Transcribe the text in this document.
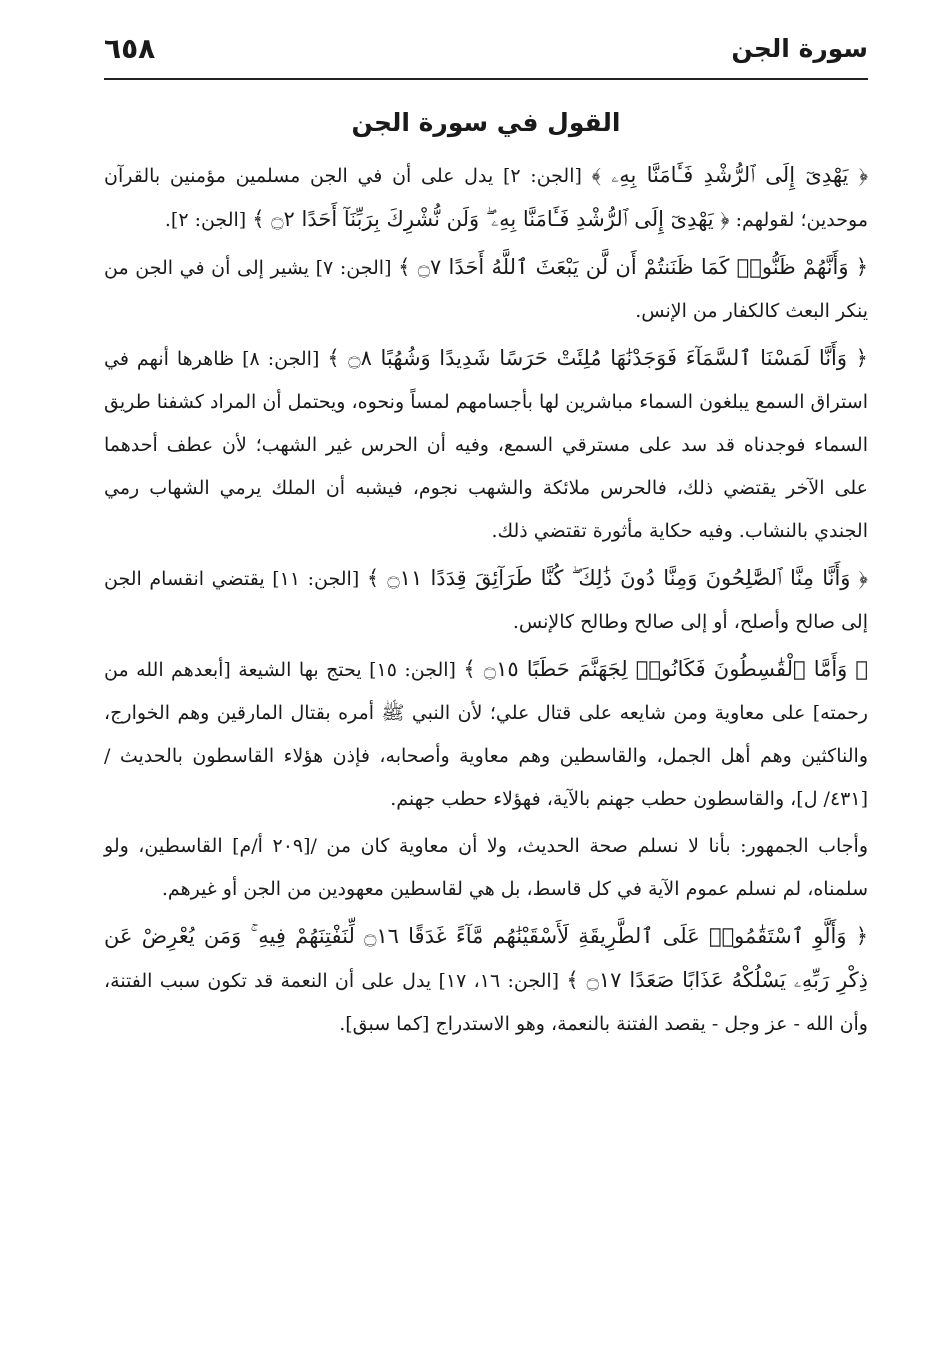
سورة الجن
٦٥٨
القول في سورة الجن

﴿ يَهْدِىٓ إِلَى ٱلرُّشْدِ فَـَٔامَنَّا بِهِۦ ﴾ [الجن: ٢] يدل على أن في الجن مسلمين مؤمنين بالقرآن موحدين؛ لقولهم: ﴿ يَهْدِىٓ إِلَى ٱلرُّشْدِ فَـَٔامَنَّا بِهِۦ ۖ وَلَن نُّشْرِكَ بِرَبِّنَآ أَحَدًا ۝٢ ﴾ [الجن: ٢].

﴿ وَأَنَّهُمْ ظَنُّوا۟ كَمَا ظَنَنتُمْ أَن لَّن يَبْعَثَ ٱللَّهُ أَحَدًا ۝٧ ﴾ [الجن: ٧] يشير إلى أن في الجن من ينكر البعث كالكفار من الإنس.

﴿ وَأَنَّا لَمَسْنَا ٱلسَّمَآءَ فَوَجَدْنَٰهَا مُلِئَتْ حَرَسًا شَدِيدًا وَشُهُبًا ۝٨ ﴾ [الجن: ٨] ظاهرها أنهم في استراق السمع يبلغون السماء مباشرين لها بأجسامهم لمساً ونحوه، ويحتمل أن المراد كشفنا طريق السماء فوجدناه قد سد على مسترقي السمع، وفيه أن الحرس غير الشهب؛ لأن عطف أحدهما على الآخر يقتضي ذلك، فالحرس ملائكة والشهب نجوم، فيشبه أن الملك يرمي الشهاب رمي الجندي بالنشاب. وفيه حكاية مأثورة تقتضي ذلك.

﴿ وَأَنَّا مِنَّا ٱلصَّٰلِحُونَ وَمِنَّا دُونَ ذَٰلِكَ ۖ كُنَّا طَرَآئِقَ قِدَدًا ۝١١ ﴾ [الجن: ١١] يقتضي انقسام الجن إلى صالح وأصلح، أو إلى صالح وطالح كالإنس.

﴿ وَأَمَّا ٱلْقَٰسِطُونَ فَكَانُوا۟ لِجَهَنَّمَ حَطَبًا ۝١٥ ﴾ [الجن: ١٥] يحتج بها الشيعة [أبعدهم الله من رحمته] على معاوية ومن شايعه على قتال علي؛ لأن النبي ﷺ أمره بقتال المارقين وهم الخوارج، والناكثين وهم أهل الجمل، والقاسطين وهم معاوية وأصحابه، فإذن هؤلاء القاسطون بالحديث / [٤٣١/ ل]، والقاسطون حطب جهنم بالآية، فهؤلاء حطب جهنم.

وأجاب الجمهور: بأنا لا نسلم صحة الحديث، ولا أن معاوية كان من /[٢٠٩ أ/م] القاسطين، ولو سلمناه، لم نسلم عموم الآية في كل قاسط، بل هي لقاسطين معهودين من الجن أو غيرهم.

﴿ وَأَلَّوِ ٱسْتَقَٰمُوا۟ عَلَى ٱلطَّرِيقَةِ لَأَسْقَيْنَٰهُم مَّآءً غَدَقًا ۝١٦ لِّنَفْتِنَهُمْ فِيهِ ۚ وَمَن يُعْرِضْ عَن ذِكْرِ رَبِّهِۦ يَسْلُكْهُ عَذَابًا صَعَدًا ۝١٧ ﴾ [الجن: ١٦، ١٧] يدل على أن النعمة قد تكون سبب الفتنة، وأن الله - عز وجل - يقصد الفتنة بالنعمة، وهو الاستدراج [كما سبق].
